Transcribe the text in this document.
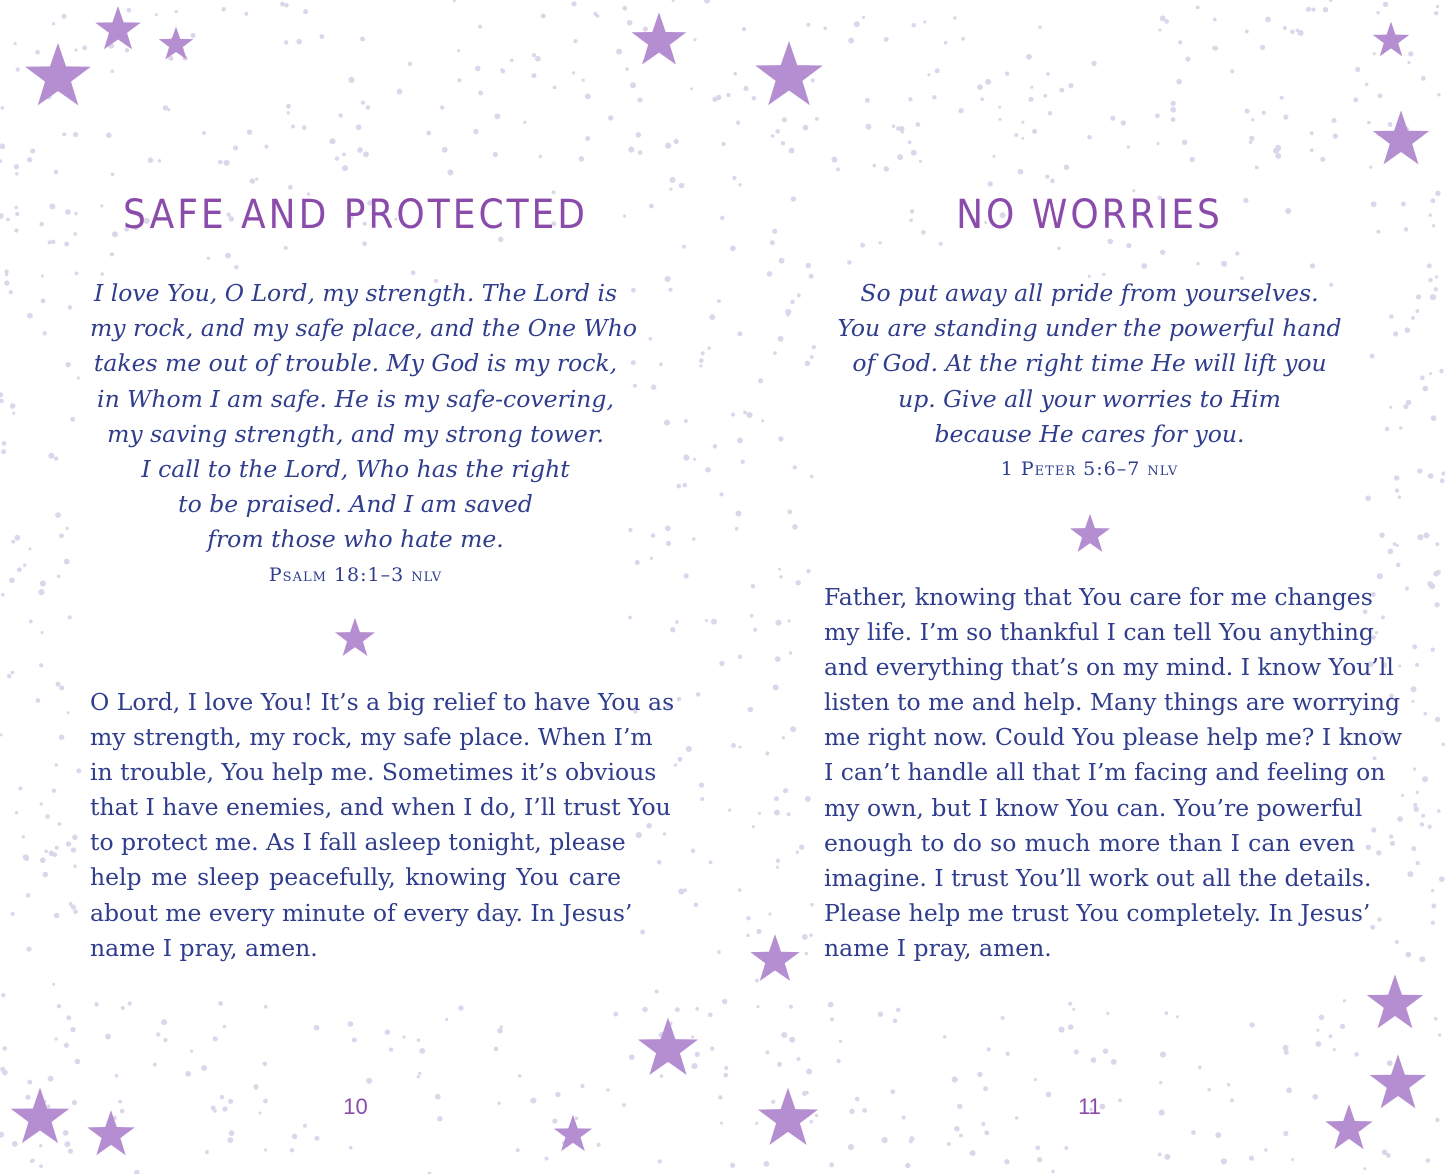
SAFE AND PROTECTED
I love You, O Lord, my strength. The Lord is
my rock, and my safe place, and the One Who
takes me out of trouble. My God is my rock,
in Whom I am safe. He is my safe-covering,
my saving strength, and my strong tower.
I call to the Lord, Who has the right
to be praised. And I am saved
from those who hate me.
Psalm 18:1–3 nlv
O Lord, I love You! It’s a big relief to have You as
my strength, my rock, my safe place. When I’m
in trouble, You help me. Sometimes it’s obvious
that I have enemies, and when I do, I’ll trust You
to protect me. As I fall asleep tonight, please
help me sleep peacefully, knowing You care
about me every minute of every day. In Jesus’
name I pray, amen.
10
NO WORRIES
So put away all pride from yourselves.
You are standing under the powerful hand
of God. At the right time He will lift you
up. Give all your worries to Him
because He cares for you.
1 Peter 5:6–7 nlv
Father, knowing that You care for me changes
my life. I’m so thankful I can tell You anything
and everything that’s on my mind. I know You’ll
listen to me and help. Many things are worrying
me right now. Could You please help me? I know
I can’t handle all that I’m facing and feeling on
my own, but I know You can. You’re powerful
enough to do so much more than I can even
imagine. I trust You’ll work out all the details.
Please help me trust You completely. In Jesus’
name I pray, amen.
11
